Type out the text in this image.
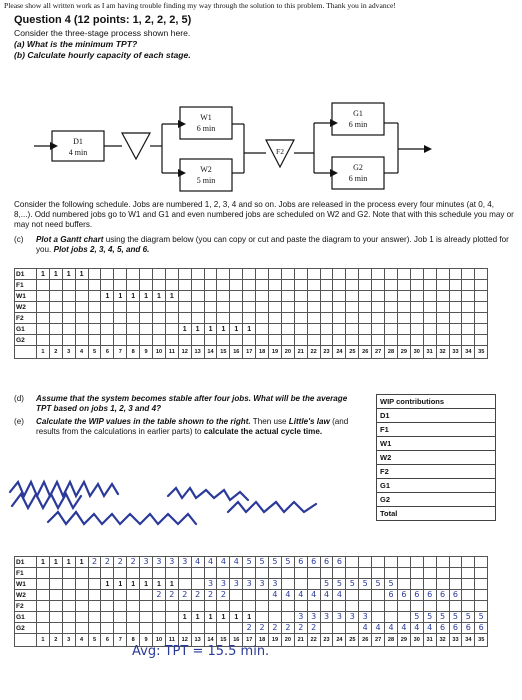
Please show all written work as I am having trouble finding my way through the solution to this problem. Thank you in advance!
Question 4 (12 points: 1, 2, 2, 2, 5)
Consider the three-stage process shown here.
(a) What is the minimum TPT?
(b) Calculate hourly capacity of each stage.
D1
4 min
W1
6 min
W2
5 min
F2
G1
6 min
G2
6 min
Consider the following schedule. Jobs are numbered 1, 2, 3, 4 and so on. Jobs are released in the process every four minutes (at 0, 4, 8,...). Odd numbered jobs go to W1 and G1 and even numbered jobs are scheduled on W2 and G2. Note that with this schedule you may or may not need buffers.
(c) Plot a Gantt chart using the diagram below (you can copy or cut and paste the diagram to your answer). Job 1 is already plotted for you. Plot jobs 2, 3, 4, 5, and 6.
D1	1	1	1	1																															
F1																																			
W1						1	1	1	1	1	1																								
W2																																			
F2																																			
G1												1	1	1	1	1	1																		
G2																																			
	1	2	3	4	5	6	7	8	9	10	11	12	13	14	15	16	17	18	19	20	21	22	23	24	25	26	27	28	29	30	31	32	33	34	35
(d) Assume that the system becomes stable after four jobs. What will be the average TPT based on jobs 1, 2, 3 and 4?
(e) Calculate the WIP values in the table shown to the right. Then use Little's law (and results from the calculations in earlier parts) to calculate the actual cycle time.
WIP contributions
D1
F1
W1
W2
F2
G1
G2
Total
D1	1	1	1	1	2	2	2	2	3	3	3	3	4	4	4	4	5	5	5	5	6	6	6	6											
F1																																			
W1						1	1	1	1	1	1			3	3	3	3	3	3				5	5	5	5	5	5							
W2										2	2	2	2	2	2				4	4	4	4	4	4				6	6	6	6	6	6		
F2																																			
G1												1	1	1	1	1	1				3	3	3	3	3	3				5	5	5	5	5	5
G2																	2	2	2	2	2	2				4	4	4	4	4	4	6	6	6	6
	1	2	3	4	5	6	7	8	9	10	11	12	13	14	15	16	17	18	19	20	21	22	23	24	25	26	27	28	29	30	31	32	33	34	35
Avg: TPT = 15.5 min.
